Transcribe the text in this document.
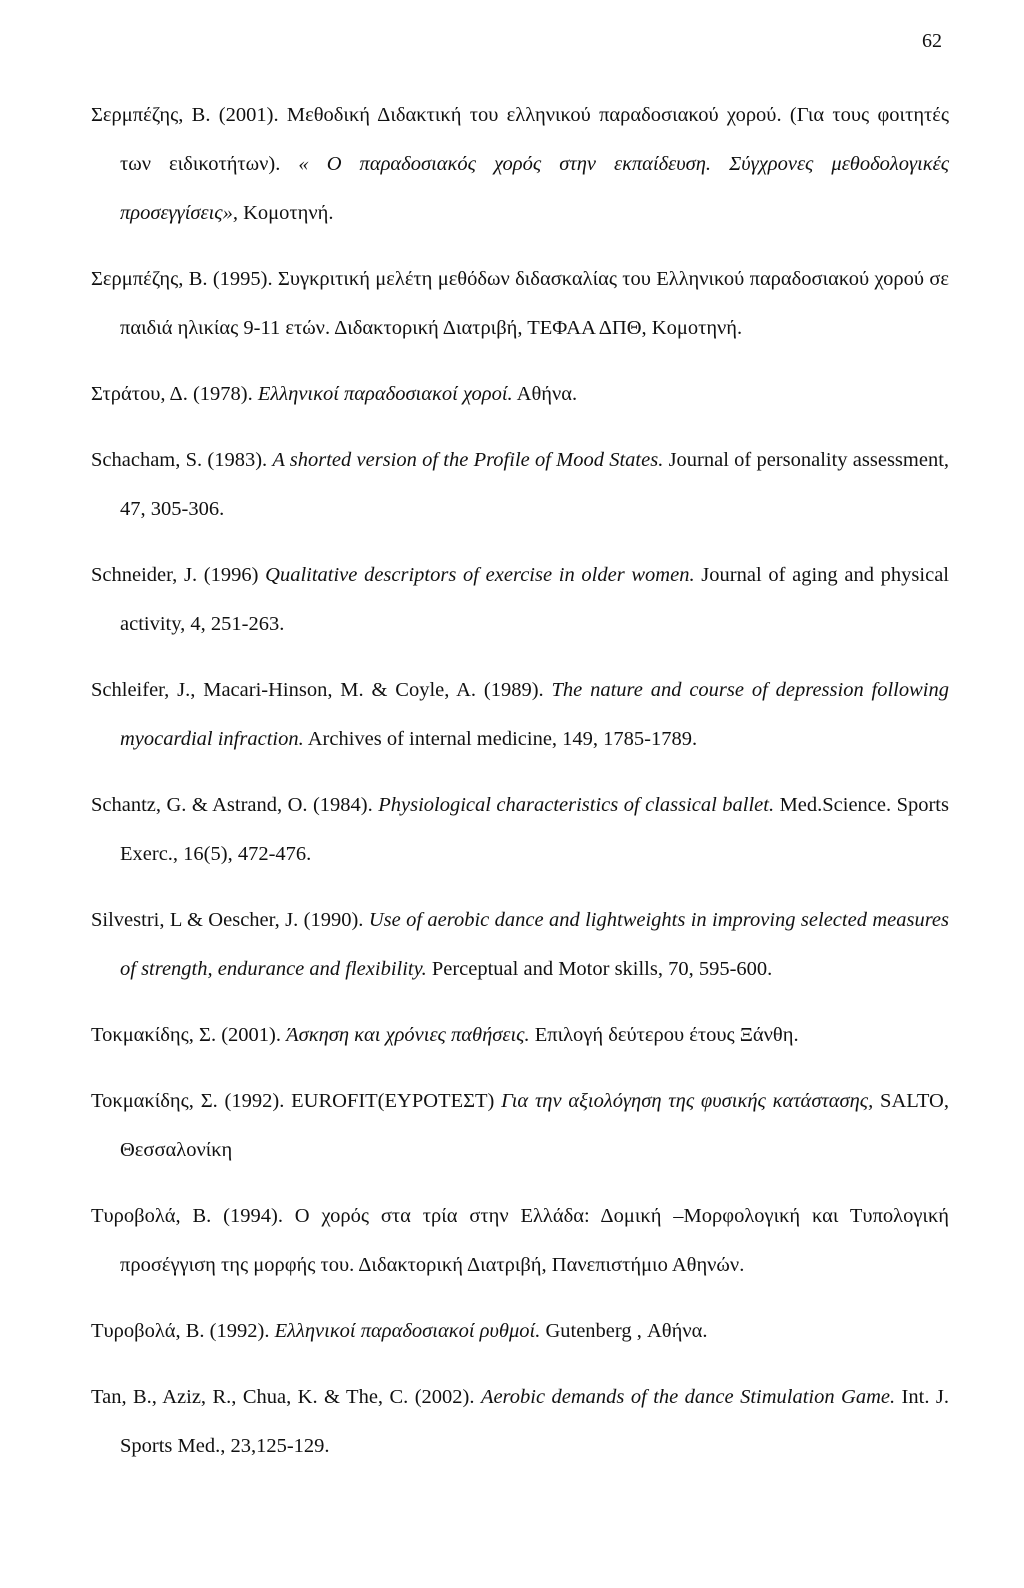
62

Σερμπέζης, Β. (2001). Μεθοδική Διδακτική του ελληνικού παραδοσιακού χορού. (Για τους φοιτητές των ειδικοτήτων). « Ο παραδοσιακός χορός στην εκπαίδευση. Σύγχρονες μεθοδολογικές προσεγγίσεις», Κομοτηνή.

Σερμπέζης, Β. (1995). Συγκριτική μελέτη μεθόδων διδασκαλίας του Ελληνικού παραδοσιακού χορού σε παιδιά ηλικίας 9-11 ετών. Διδακτορική Διατριβή, ΤΕΦΑΑ ΔΠΘ, Κομοτηνή.

Στράτου, Δ. (1978). Ελληνικοί παραδοσιακοί χοροί. Αθήνα.

Schacham, S. (1983). A shorted version of the Profile of Mood States. Journal of personality assessment, 47, 305-306.

Schneider, J. (1996) Qualitative descriptors of exercise in older women. Journal of aging and physical activity, 4, 251-263.

Schleifer, J., Macari-Hinson, M. & Coyle, A. (1989). The nature and course of depression following myocardial infraction. Archives of internal medicine, 149, 1785-1789.

Schantz, G. & Astrand, O. (1984). Physiological characteristics of classical ballet. Med.Science. Sports Exerc., 16(5), 472-476.

Silvestri, L & Oescher, J. (1990). Use of aerobic dance and lightweights in improving selected measures of strength, endurance and flexibility. Perceptual and Motor skills, 70, 595-600.

Τοκμακίδης, Σ. (2001). Άσκηση και χρόνιες παθήσεις. Επιλογή δεύτερου έτους Ξάνθη.

Τοκμακίδης, Σ. (1992). EUROFIT(ΕΥΡΟΤΕΣΤ) Για την αξιολόγηση της φυσικής κατάστασης, SALTO, Θεσσαλονίκη

Τυροβολά, Β. (1994). Ο χορός στα τρία στην Ελλάδα: Δομική –Μορφολογική και Τυπολογική προσέγγιση της μορφής του. Διδακτορική Διατριβή, Πανεπιστήμιο Αθηνών.

Τυροβολά, Β. (1992). Ελληνικοί παραδοσιακοί ρυθμοί. Gutenberg , Αθήνα.

Tan, B., Aziz, R., Chua, K. & The, C. (2002). Aerobic demands of the dance Stimulation Game. Int. J. Sports Med., 23,125-129.
